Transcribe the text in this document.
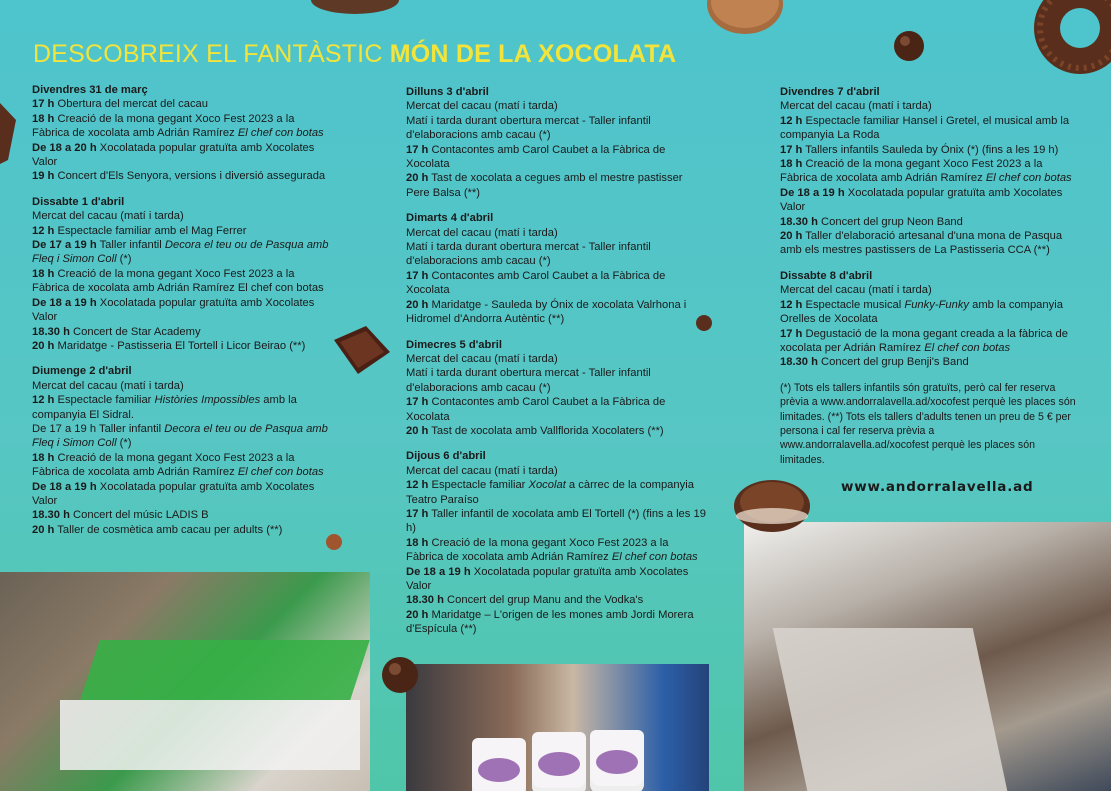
DESCOBREIX EL FANTÀSTIC MÓN DE LA XOCOLATA
Divendres 31 de març
17 h Obertura del mercat del cacau
18 h Creació de la mona gegant Xoco Fest 2023 a la Fàbrica de xocolata amb Adrián Ramírez El chef con botas
De 18 a 20 h Xocolatada popular gratuïta amb Xocolates Valor
19 h Concert d'Els Senyora, versions i diversió assegurada
Dissabte 1 d'abril
Mercat del cacau (matí i tarda)
12 h Espectacle familiar amb el Mag Ferrer
De 17 a 19 h Taller infantil Decora el teu ou de Pasqua amb Fleq i Simon Coll (*)
18 h Creació de la mona gegant Xoco Fest 2023 a la Fàbrica de xocolata amb Adrián Ramírez El chef con botas
De 18 a 19 h Xocolatada popular gratuïta amb Xocolates Valor
18.30 h Concert de Star Academy
20 h Maridatge - Pastisseria El Tortell i Licor Beirao (**)
Diumenge 2 d'abril
Mercat del cacau (matí i tarda)
12 h Espectacle familiar Històries Impossibles amb la companyia El Sidral.
De 17 a 19 h Taller infantil Decora el teu ou de Pasqua amb Fleq i Simon Coll (*)
18 h Creació de la mona gegant Xoco Fest 2023 a la Fàbrica de xocolata amb Adrián Ramírez El chef con botas
De 18 a 19 h Xocolatada popular gratuïta amb Xocolates Valor
18.30 h Concert del músic LADIS B
20 h Taller de cosmètica amb cacau per adults (**)
Dilluns 3 d'abril
Mercat del cacau (matí i tarda)
Matí i tarda durant obertura mercat - Taller infantil d'elaboracions amb cacau (*)
17 h Contacontes amb Carol Caubet a la Fàbrica de Xocolata
20 h Tast de xocolata a cegues amb el mestre pastisser Pere Balsa (**)
Dimarts 4 d'abril
Mercat del cacau (matí i tarda)
Matí i tarda durant obertura mercat - Taller infantil d'elaboracions amb cacau (*)
17 h Contacontes amb Carol Caubet a la Fàbrica de Xocolata
20 h Maridatge - Sauleda by Ónix de xocolata Valrhona i Hidromel d'Andorra Autèntic (**)
Dimecres 5 d'abril
Mercat del cacau (matí i tarda)
Matí i tarda durant obertura mercat - Taller infantil d'elaboracions amb cacau (*)
17 h Contacontes amb Carol Caubet a la Fàbrica de Xocolata
20 h Tast de xocolata amb Vallflorida Xocolaters (**)
Dijous 6 d'abril
Mercat del cacau (matí i tarda)
12 h Espectacle familiar Xocolat a càrrec de la companyia Teatro Paraíso
17 h Taller infantil de xocolata amb El Tortell (*) (fins a les 19 h)
18 h Creació de la mona gegant Xoco Fest 2023 a la Fàbrica de xocolata amb Adrián Ramírez El chef con botas
De 18 a 19 h Xocolatada popular gratuïta amb Xocolates Valor
18.30 h Concert del grup Manu and the Vodka's
20 h Maridatge – L'origen de les mones amb Jordi Morera d'Espícula (**)
Divendres 7 d'abril
Mercat del cacau (matí i tarda)
12 h Espectacle familiar Hansel i Gretel, el musical amb la companyia La Roda
17 h Tallers infantils Sauleda by Ónix (*) (fins a les 19 h)
18 h Creació de la mona gegant Xoco Fest 2023 a la Fàbrica de xocolata amb Adrián Ramírez El chef con botas
De 18 a 19 h Xocolatada popular gratuïta amb Xocolates Valor
18.30 h Concert del grup Neon Band
20 h Taller d'elaboració artesanal d'una mona de Pasqua amb els mestres pastissers de La Pastisseria CCA (**)
Dissabte 8 d'abril
Mercat del cacau (matí i tarda)
12 h Espectacle musical Funky-Funky amb la companyia Orelles de Xocolata
17 h Degustació de la mona gegant creada a la fàbrica de xocolata per Adrián Ramírez El chef con botas
18.30 h Concert del grup Benji's Band
(*) Tots els tallers infantils són gratuïts, però cal fer reserva prèvia a www.andorralavella.ad/xocofest perquè les places són limitades. (**) Tots els tallers d'adults tenen un preu de 5 € per persona i cal fer reserva prèvia a www.andorralavella.ad/xocofest perquè les places són limitades.
www.andorralavella.ad
